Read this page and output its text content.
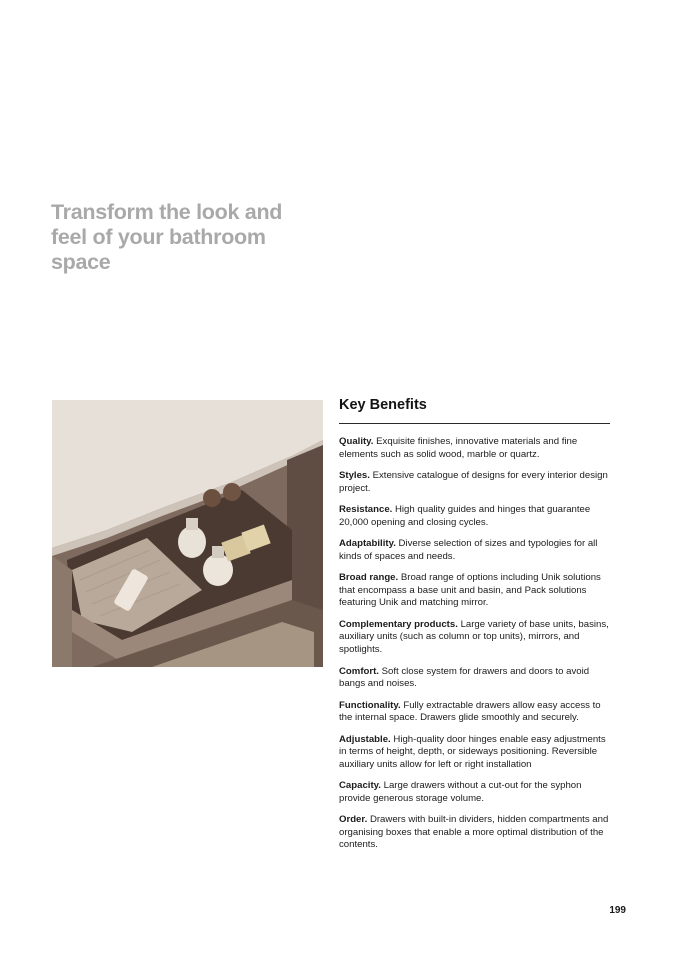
Transform the look and feel of your bathroom space
Key Benefits
Quality. Exquisite finishes, innovative materials and fine elements such as solid wood, marble or quartz.
Styles. Extensive catalogue of designs for every interior design project.
Resistance. High quality guides and hinges that guarantee 20,000 opening and closing cycles.
Adaptability. Diverse selection of sizes and typologies for all kinds of spaces and needs.
Broad range. Broad range of options including Unik solutions that encompass a base unit and basin, and Pack solutions featuring Unik and matching mirror.
Complementary products. Large variety of base units, basins, auxiliary units (such as column or top units), mirrors, and spotlights.
Comfort. Soft close system for drawers and doors to avoid bangs and noises.
Functionality. Fully extractable drawers allow easy access to the internal space. Drawers glide smoothly and securely.
Adjustable. High-quality door hinges enable easy adjustments in terms of height, depth, or sideways positioning. Reversible auxiliary units allow for left or right installation
Capacity. Large drawers without a cut-out for the syphon provide generous storage volume.
Order. Drawers with built-in dividers, hidden compartments and organising boxes that enable a more optimal distribution of the contents.
199
